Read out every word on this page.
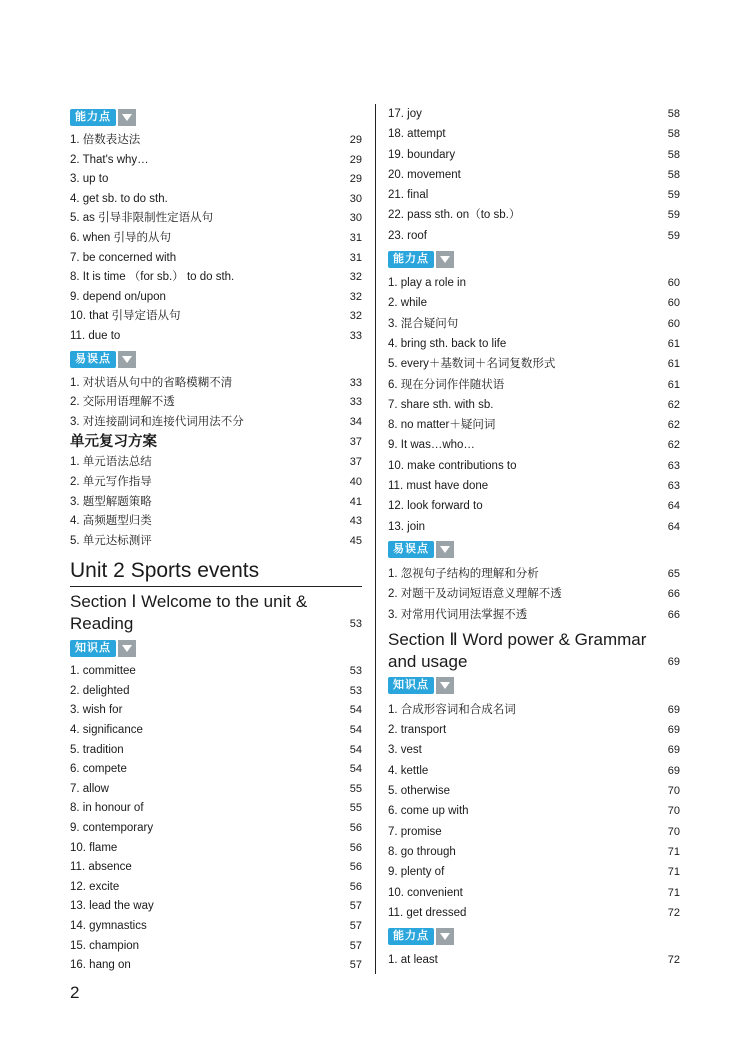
能力点
1. 倍数表达法	29
2. That's why…	29
3. up to	29
4. get sb. to do sth.	30
5. as 引导非限制性定语从句	30
6. when 引导的从句	31
7. be concerned with	31
8. It is time （for sb.） to do sth.	32
9. depend on/upon	32
10. that 引导定语从句	32
11. due to	33
易误点
1. 对状语从句中的省略模糊不清	33
2. 交际用语理解不透	33
3. 对连接副词和连接代词用法不分	34
单元复习方案	37
1. 单元语法总结	37
2. 单元写作指导	40
3. 题型解题策略	41
4. 高频题型归类	43
5. 单元达标测评	45
Unit 2 Sports events
Section Ⅰ Welcome to the unit &
Reading	53
知识点
1. committee	53
2. delighted	53
3. wish for	54
4. significance	54
5. tradition	54
6. compete	54
7. allow	55
8. in honour of	55
9. contemporary	56
10. flame	56
11. absence	56
12. excite	56
13. lead the way	57
14. gymnastics	57
15. champion	57
16. hang on	57
17. joy	58
18. attempt	58
19. boundary	58
20. movement	58
21. final	59
22. pass sth. on（to sb.）	59
23. roof	59
能力点
1. play a role in	60
2. while	60
3. 混合疑问句	60
4. bring sth. back to life	61
5. every＋基数词＋名词复数形式	61
6. 现在分词作伴随状语	61
7. share sth. with sb.	62
8. no matter＋疑问词	62
9. It was…who…	62
10. make contributions to	63
11. must have done	63
12. look forward to	64
13. join	64
易误点
1. 忽视句子结构的理解和分析	65
2. 对题干及动词短语意义理解不透	66
3. 对常用代词用法掌握不透	66
Section Ⅱ Word power & Grammar
and usage	69
知识点
1. 合成形容词和合成名词	69
2. transport	69
3. vest	69
4. kettle	69
5. otherwise	70
6. come up with	70
7. promise	70
8. go through	71
9. plenty of	71
10. convenient	71
11. get dressed	72
能力点
1. at least	72
2
